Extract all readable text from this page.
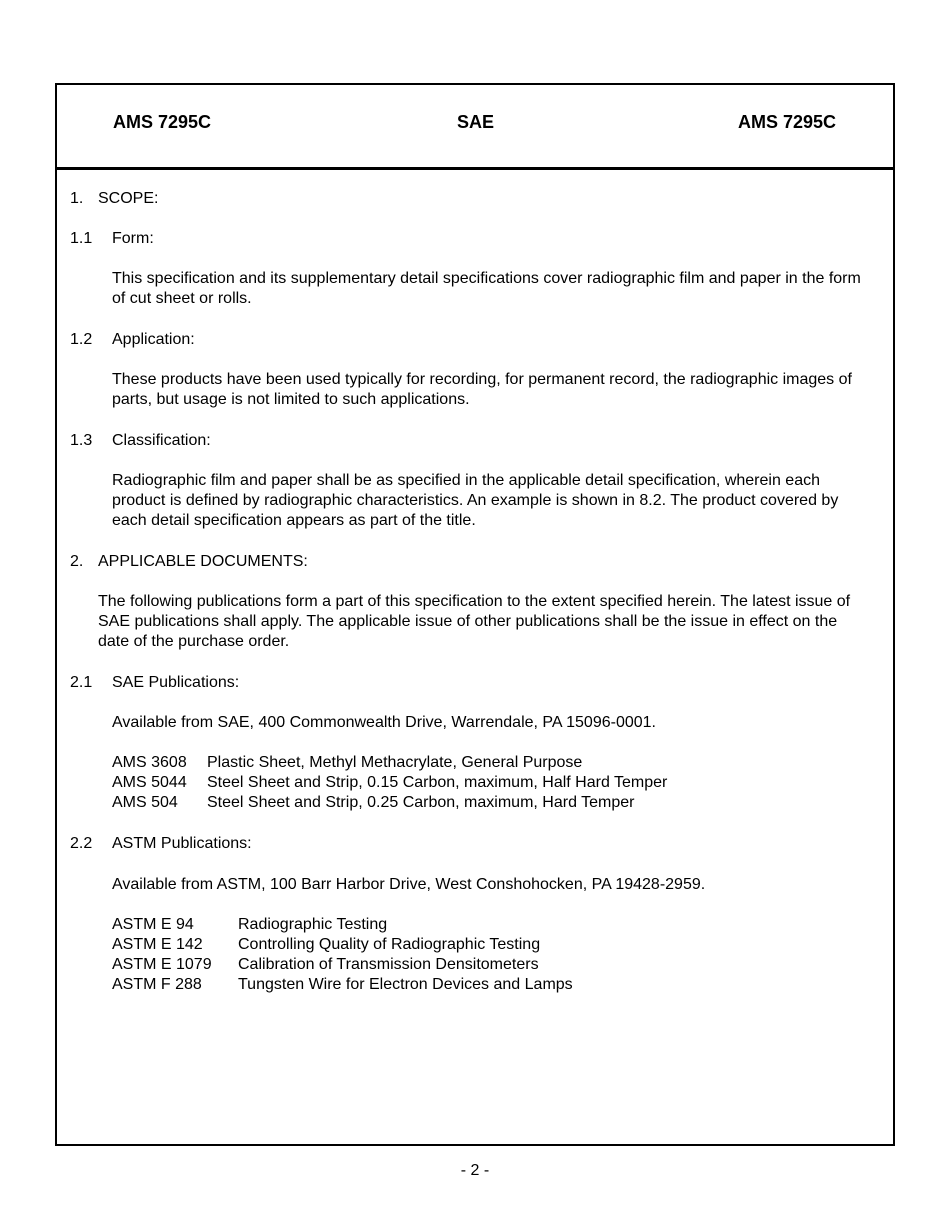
AMS 7295C	SAE	AMS 7295C
1. SCOPE:
1.1 Form:

This specification and its supplementary detail specifications cover radiographic film and paper in the form of cut sheet or rolls.

1.2 Application:

These products have been used typically for recording, for permanent record, the radiographic images of parts, but usage is not limited to such applications.

1.3 Classification:

Radiographic film and paper shall be as specified in the applicable detail specification, wherein each product is defined by radiographic characteristics. An example is shown in 8.2. The product covered by each detail specification appears as part of the title.

2. APPLICABLE DOCUMENTS:

The following publications form a part of this specification to the extent specified herein. The latest issue of SAE publications shall apply. The applicable issue of other publications shall be the issue in effect on the date of the purchase order.

2.1 SAE Publications:

Available from SAE, 400 Commonwealth Drive, Warrendale, PA 15096-0001.

AMS 3608	Plastic Sheet, Methyl Methacrylate, General Purpose
AMS 5044	Steel Sheet and Strip, 0.15 Carbon, maximum, Half Hard Temper
AMS 504	Steel Sheet and Strip, 0.25 Carbon, maximum, Hard Temper
2.2 ASTM Publications:

Available from ASTM, 100 Barr Harbor Drive, West Conshohocken, PA 19428-2959.

ASTM E 94	Radiographic Testing
ASTM E 142	Controlling Quality of Radiographic Testing
ASTM E 1079	Calibration of Transmission Densitometers
ASTM F 288	Tungsten Wire for Electron Devices and Lamps
- 2 -
